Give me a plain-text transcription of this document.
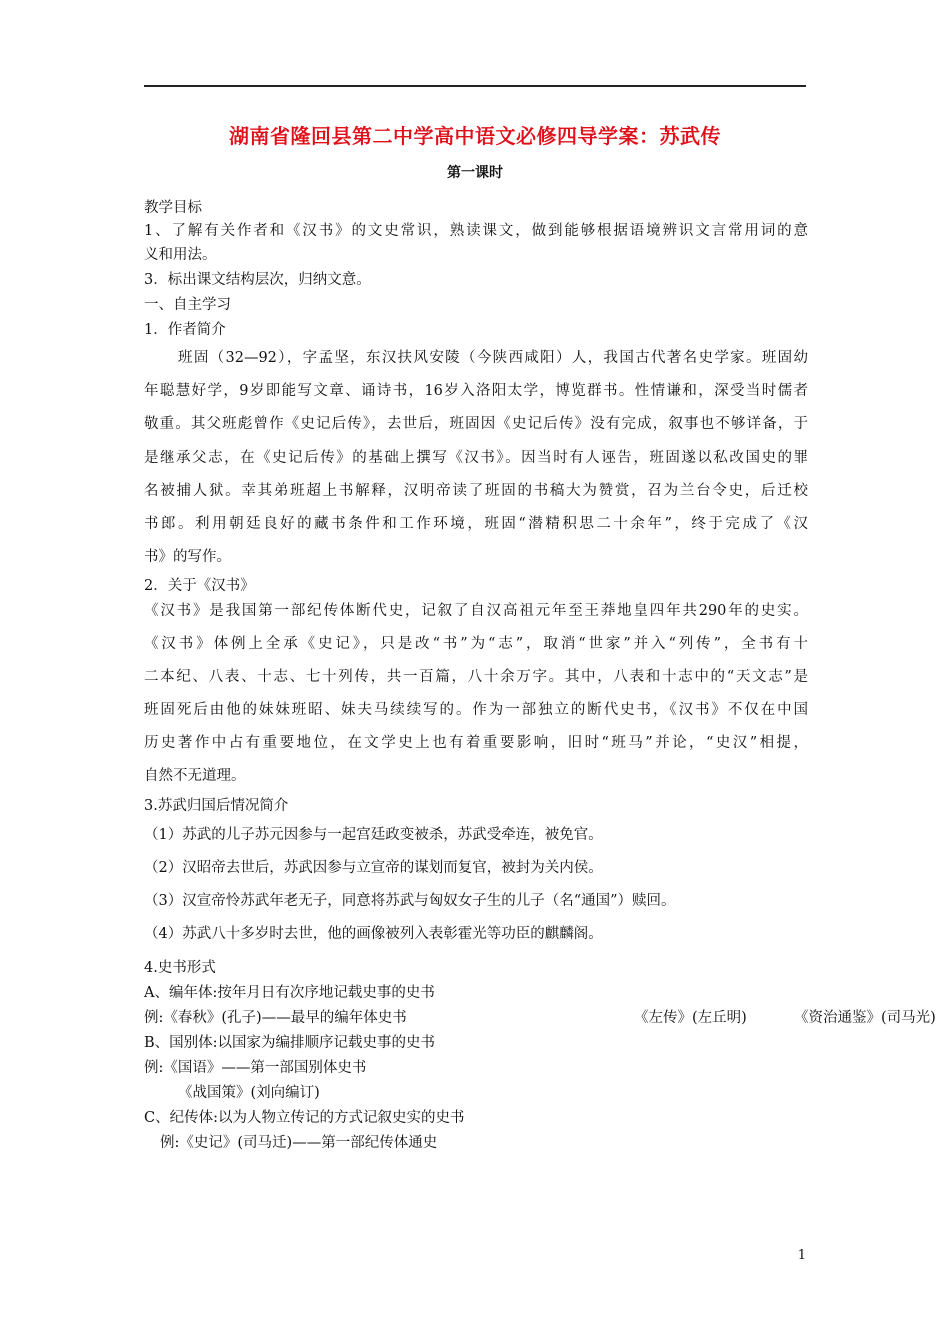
湖南省隆回县第二中学高中语文必修四导学案：苏武传
第一课时
教学目标
1、了解有关作者和《汉书》的文史常识，熟读课文，做到能够根据语境辨识文言常用词的意
义和用法。
3．标出课文结构层次，归纳文意。
一、自主学习
1．作者简介
班固（32—92），字孟坚，东汉扶风安陵（今陕西咸阳）人，我国古代著名史学家。班固幼
年聪慧好学，9岁即能写文章、诵诗书，16岁入洛阳太学，博览群书。性情谦和，深受当时儒者
敬重。其父班彪曾作《史记后传》，去世后，班固因《史记后传》没有完成，叙事也不够详备，于
是继承父志，在《史记后传》的基础上撰写《汉书》。因当时有人诬告，班固遂以私改国史的罪
名被捕人狱。幸其弟班超上书解释，汉明帝读了班固的书稿大为赞赏，召为兰台令史，后迁校
书郎。利用朝廷良好的藏书条件和工作环境，班固“潜精积思二十余年”，终于完成了《汉
书》的写作。
2．关于《汉书》
《汉书》是我国第一部纪传体断代史，记叙了自汉高祖元年至王莽地皇四年共290年的史实。
《汉书》体例上全承《史记》，只是改“书”为“志”，取消“世家”并入“列传”，全书有十
二本纪、八表、十志、七十列传，共一百篇，八十余万字。其中，八表和十志中的“天文志”是
班固死后由他的妹妹班昭、妹夫马续续写的。作为一部独立的断代史书，《汉书》不仅在中国
历史著作中占有重要地位，在文学史上也有着重要影响，旧时“班马”并论，“史汉”相提，
自然不无道理。
3.苏武归国后情况简介
（1）苏武的儿子苏元因参与一起宫廷政变被杀，苏武受牵连，被免官。
（2）汉昭帝去世后，苏武因参与立宣帝的谋划而复官，被封为关内侯。
（3）汉宣帝怜苏武年老无子，同意将苏武与匈奴女子生的儿子（名“通国”）赎回。
（4）苏武八十多岁时去世，他的画像被列入表彰霍光等功臣的麒麟阁。
4.史书形式
A、编年体:按年月日有次序地记载史事的史书
例:《春秋》(孔子)——最早的编年体史书	《左传》(左丘明)	《资治通鉴》(司马光)
B、国别体:以国家为编排顺序记载史事的史书
例:《国语》——第一部国别体史书
《战国策》(刘向编订)
C、纪传体:以为人物立传记的方式记叙史实的史书
例:《史记》(司马迁)——第一部纪传体通史
1
